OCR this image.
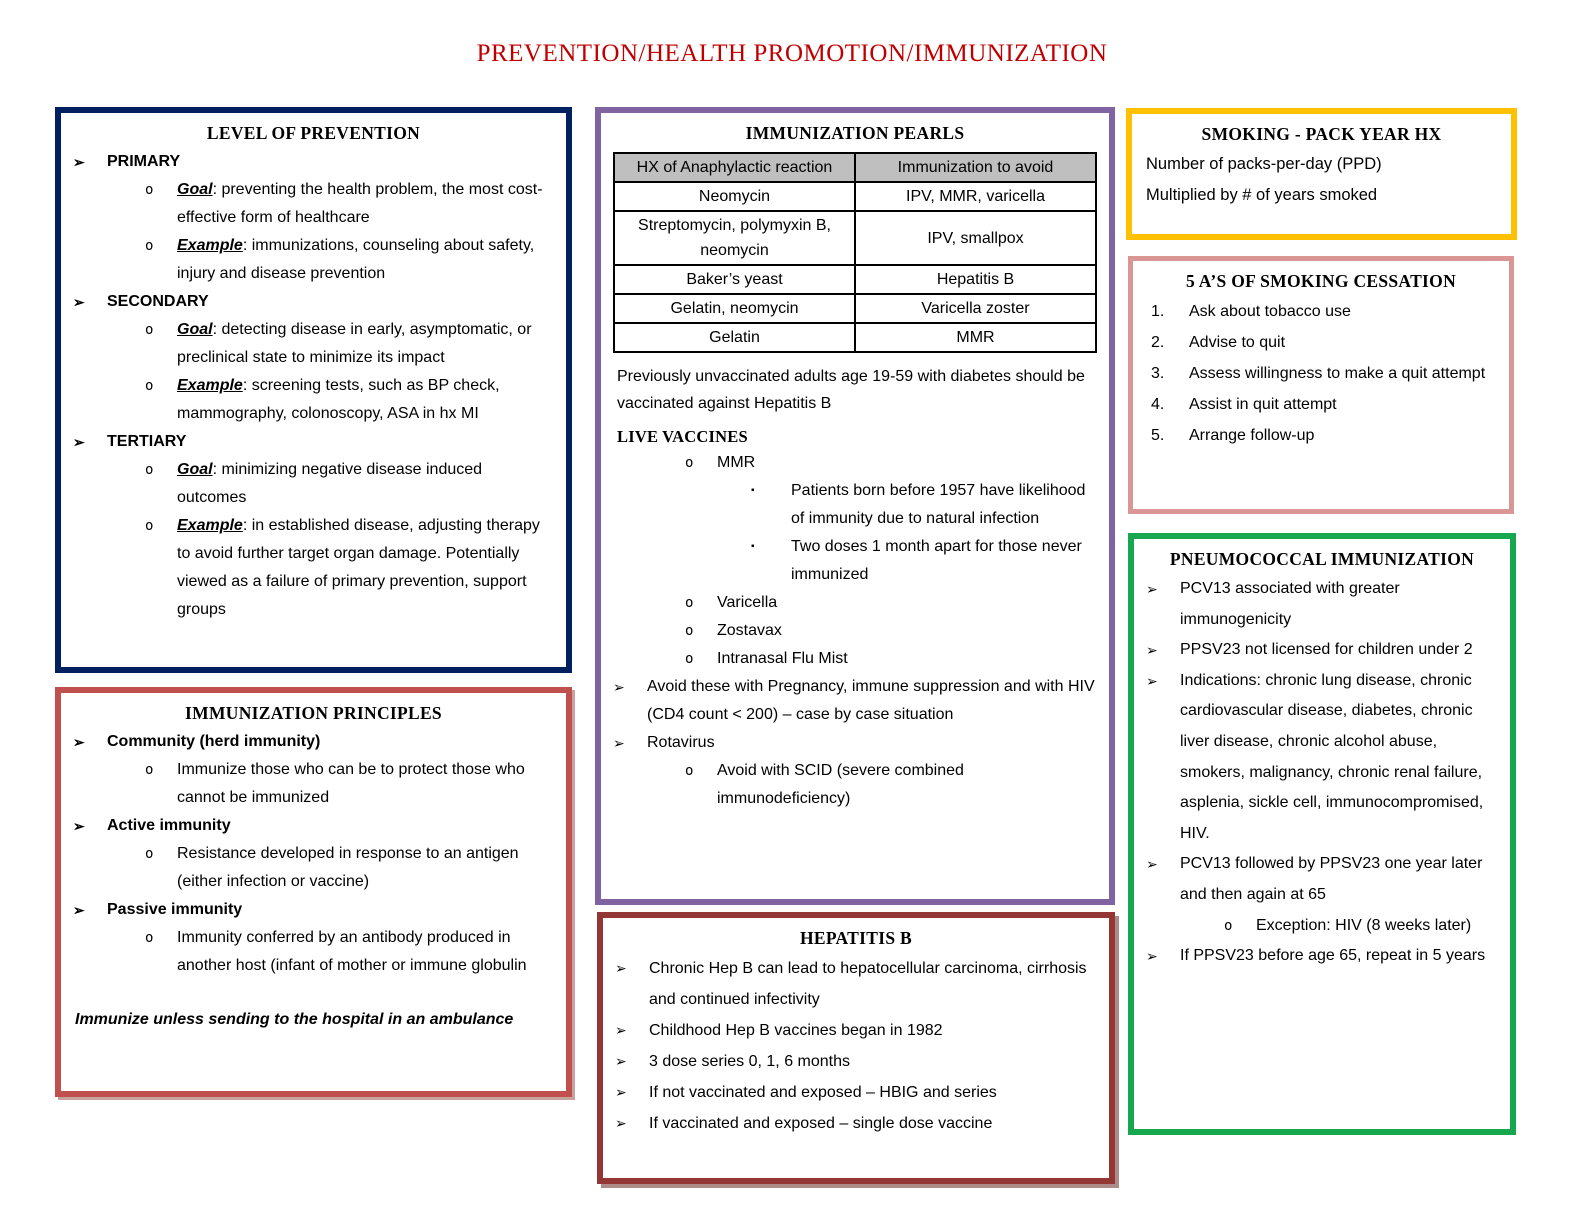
PREVENTION/HEALTH PROMOTION/IMMUNIZATION
LEVEL OF PREVENTION
➢ PRIMARY
o Goal: preventing the health problem, the most cost-effective form of healthcare
o Example: immunizations, counseling about safety, injury and disease prevention
➢ SECONDARY
o Goal: detecting disease in early, asymptomatic, or preclinical state to minimize its impact
o Example: screening tests, such as BP check, mammography, colonoscopy, ASA in hx MI
➢ TERTIARY
o Goal: minimizing negative disease induced outcomes
o Example: in established disease, adjusting therapy to avoid further target organ damage. Potentially viewed as a failure of primary prevention, support groups
IMMUNIZATION PRINCIPLES
➢ Community (herd immunity)
o Immunize those who can be to protect those who cannot be immunized
➢ Active immunity
o Resistance developed in response to an antigen (either infection or vaccine)
➢ Passive immunity
o Immunity conferred by an antibody produced in another host (infant of mother or immune globulin
Immunize unless sending to the hospital in an ambulance
IMMUNIZATION PEARLS
HX of Anaphylactic reaction	Immunization to avoid
Neomycin	IPV, MMR, varicella
Streptomycin, polymyxin B, neomycin	IPV, smallpox
Baker’s yeast	Hepatitis B
Gelatin, neomycin	Varicella zoster
Gelatin	MMR

Previously unvaccinated adults age 19-59 with diabetes should be vaccinated against Hepatitis B

LIVE VACCINES
o MMR
▪ Patients born before 1957 have likelihood of immunity due to natural infection
▪ Two doses 1 month apart for those never immunized
o Varicella
o Zostavax
o Intranasal Flu Mist
➢ Avoid these with Pregnancy, immune suppression and with HIV (CD4 count < 200) – case by case situation
➢ Rotavirus
o Avoid with SCID (severe combined immunodeficiency)
HEPATITIS B
➢ Chronic Hep B can lead to hepatocellular carcinoma, cirrhosis and continued infectivity
➢ Childhood Hep B vaccines began in 1982
➢ 3 dose series 0, 1, 6 months
➢ If not vaccinated and exposed – HBIG and series
➢ If vaccinated and exposed – single dose vaccine
SMOKING - PACK YEAR HX
Number of packs-per-day (PPD)
Multiplied by # of years smoked
5 A’S OF SMOKING CESSATION
1. Ask about tobacco use
2. Advise to quit
3. Assess willingness to make a quit attempt
4. Assist in quit attempt
5. Arrange follow-up
PNEUMOCOCCAL IMMUNIZATION
➢ PCV13 associated with greater immunogenicity
➢ PPSV23 not licensed for children under 2
➢ Indications: chronic lung disease, chronic cardiovascular disease, diabetes, chronic liver disease, chronic alcohol abuse, smokers, malignancy, chronic renal failure, asplenia, sickle cell, immunocompromised, HIV.
➢ PCV13 followed by PPSV23 one year later and then again at 65
o Exception: HIV (8 weeks later)
➢ If PPSV23 before age 65, repeat in 5 years
